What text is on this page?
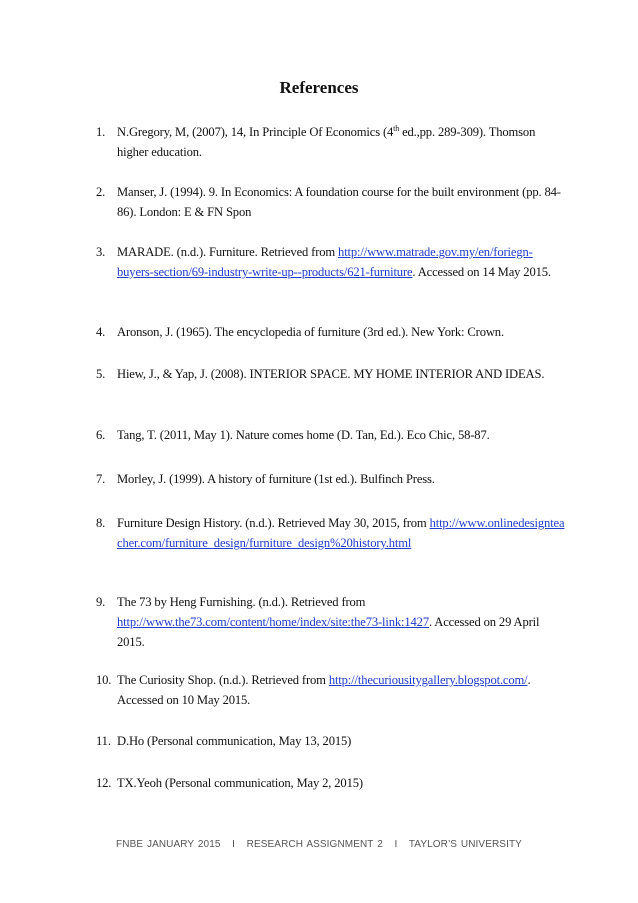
References
1. N.Gregory, M, (2007), 14, In Principle Of Economics (4th ed.,pp. 289-309). Thomson higher education.
2. Manser, J. (1994). 9. In Economics: A foundation course for the built environment (pp. 84-86). London: E & FN Spon
3. MARADE. (n.d.). Furniture. Retrieved from http://www.matrade.gov.my/en/foriegn-buyers-section/69-industry-write-up--products/621-furniture. Accessed on 14 May 2015.
4. Aronson, J. (1965). The encyclopedia of furniture (3rd ed.). New York: Crown.
5. Hiew, J., & Yap, J. (2008). INTERIOR SPACE. MY HOME INTERIOR AND IDEAS.
6. Tang, T. (2011, May 1). Nature comes home (D. Tan, Ed.). Eco Chic, 58-87.
7. Morley, J. (1999). A history of furniture (1st ed.). Bulfinch Press.
8. Furniture Design History. (n.d.). Retrieved May 30, 2015, from http://www.onlinedesignteacher.com/furniture_design/furniture_design%20history.html
9. The 73 by Heng Furnishing. (n.d.). Retrieved from http://www.the73.com/content/home/index/site:the73-link:1427. Accessed on 29 April 2015.
10. The Curiosity Shop. (n.d.). Retrieved from http://thecuriousitygallery.blogspot.com/. Accessed on 10 May 2015.
11. D.Ho (Personal communication, May 13, 2015)
12. TX.Yeoh (Personal communication, May 2, 2015)
FNBE JANUARY 2015   I   RESEARCH ASSIGNMENT 2   I   TAYLOR’S UNIVERSITY
